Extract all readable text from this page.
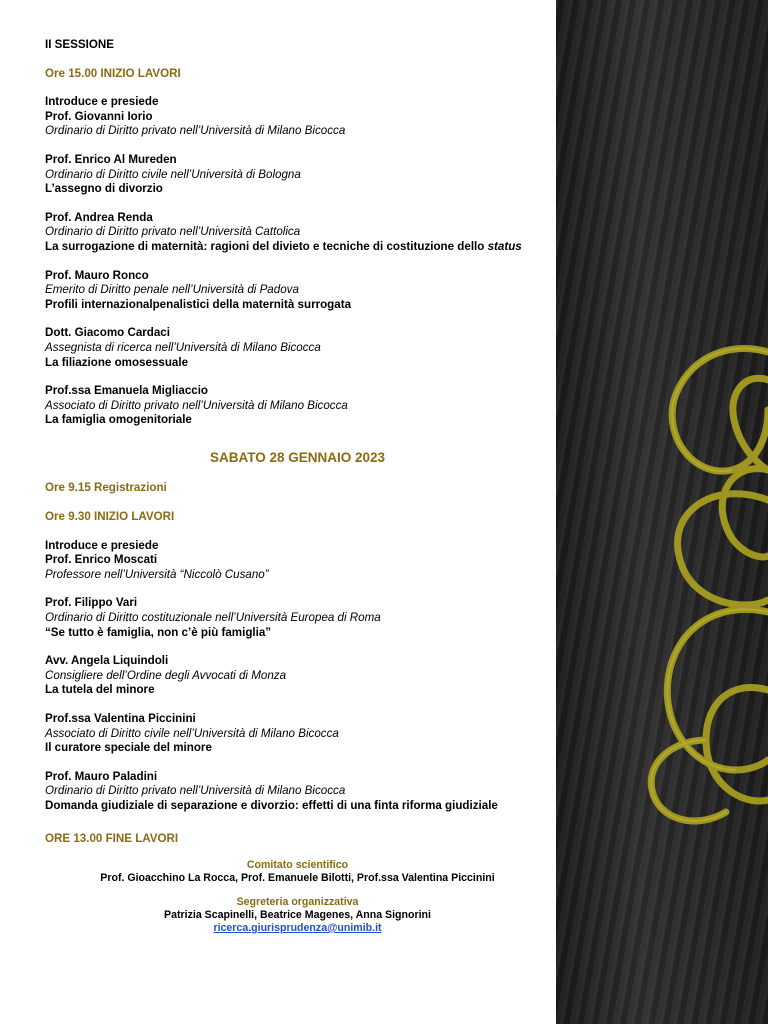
II SESSIONE
Ore 15.00 INIZIO LAVORI
Introduce e presiede
Prof. Giovanni Iorio
Ordinario di Diritto privato nell’Università di Milano Bicocca
Prof. Enrico Al Mureden
Ordinario di Diritto civile nell’Università di Bologna
L’assegno di divorzio
Prof. Andrea Renda
Ordinario di Diritto privato nell’Università Cattolica
La surrogazione di maternità: ragioni del divieto e tecniche di costituzione dello status
Prof. Mauro Ronco
Emerito di Diritto penale nell’Università di Padova
Profili internazionalpenalistici della maternità surrogata
Dott. Giacomo Cardaci
Assegnista di ricerca nell’Università di Milano Bicocca
La filiazione omosessuale
Prof.ssa Emanuela Migliaccio
Associato di Diritto privato nell’Università di Milano Bicocca
La famiglia omogenitoriale
SABATO 28 GENNAIO 2023
Ore 9.15 Registrazioni
Ore 9.30 INIZIO LAVORI
Introduce e presiede
Prof. Enrico Moscati
Professore nell’Università “Niccolò Cusano”
Prof. Filippo Vari
Ordinario di Diritto costituzionale nell’Università Europea di Roma
“Se tutto è famiglia, non c’è più famiglia”
Avv. Angela Liquindoli
Consigliere dell’Ordine degli Avvocati di Monza
La tutela del minore
Prof.ssa Valentina Piccinini
Associato di Diritto civile nell’Università di Milano Bicocca
Il curatore speciale del minore
Prof. Mauro Paladini
Ordinario di Diritto privato nell’Università di Milano Bicocca
Domanda giudiziale di separazione e divorzio: effetti di una finta riforma giudiziale
ORE 13.00 FINE LAVORI
Comitato scientifico
Prof. Gioacchino La Rocca, Prof. Emanuele Bilotti, Prof.ssa Valentina Piccinini
Segreteria organizzativa
Patrizia Scapinelli, Beatrice Magenes, Anna Signorini
ricerca.giurisprudenza@unimib.it
